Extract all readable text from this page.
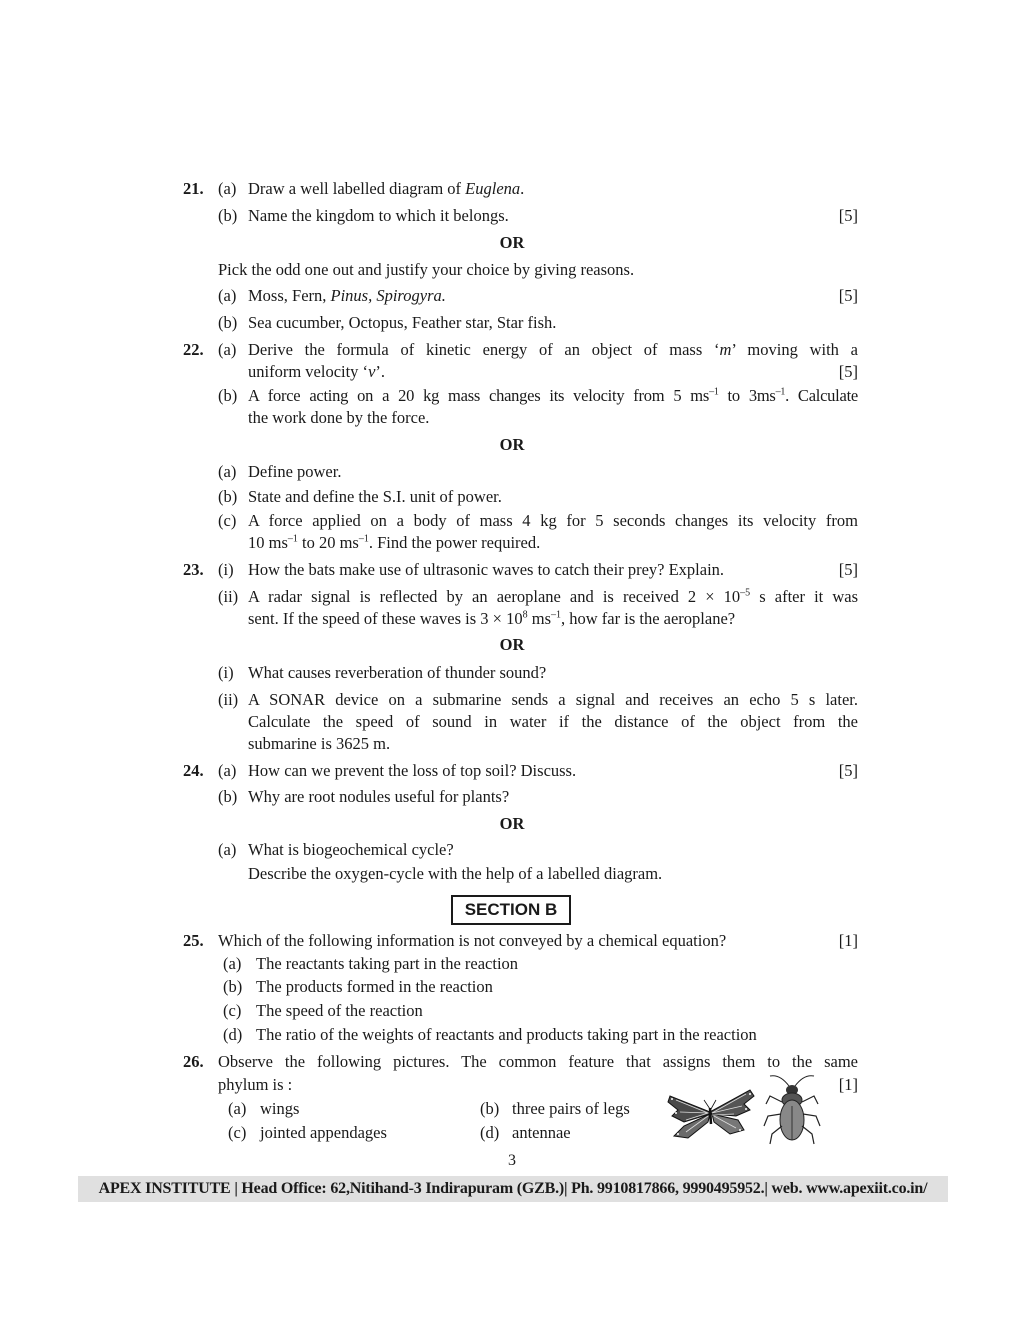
21. (a) Draw a well labelled diagram of Euglena.
(b) Name the kingdom to which it belongs.	[5]
OR
Pick the odd one out and justify your choice by giving reasons.
(a) Moss, Fern, Pinus, Spirogyra.	[5]
(b) Sea cucumber, Octopus, Feather star, Star fish.
22. (a) Derive the formula of kinetic energy of an object of mass ‘m’ moving with a
uniform velocity ‘v’.	[5]
(b) A force acting on a 20 kg mass changes its velocity from 5 $ms^{-1}$ to $3ms^{-1}$. Calculate
the work done by the force.
OR
(a) Define power.
(b) State and define the S.I. unit of power.
(c) A force applied on a body of mass 4 kg for 5 seconds changes its velocity from
10 $ms^{-1}$ to 20 $ms^{-1}$. Find the power required.
23. (i) How the bats make use of ultrasonic waves to catch their prey? Explain.	[5]
(ii) A radar signal is reflected by an aeroplane and is received $2 \times 10^{-5}$ s after it was
sent. If the speed of these waves is $3 \times 10^8$ $ms^{-1}$, how far is the aeroplane?
OR
(i) What causes reverberation of thunder sound?
(ii) A SONAR device on a submarine sends a signal and receives an echo 5 s later.
Calculate the speed of sound in water if the distance of the object from the
submarine is 3625 m.
24. (a) How can we prevent the loss of top soil? Discuss.	[5]
(b) Why are root nodules useful for plants?
OR
(a) What is biogeochemical cycle?
Describe the oxygen-cycle with the help of a labelled diagram.
SECTION B
25. Which of the following information is not conveyed by a chemical equation?	[1]
(a) The reactants taking part in the reaction
(b) The products formed in the reaction
(c) The speed of the reaction
(d) The ratio of the weights of reactants and products taking part in the reaction
26. Observe the following pictures. The common feature that assigns them to the same
phylum is :	[1]
(a) wings	(b) three pairs of legs
(c) jointed appendages	(d) antennae
3
APEX INSTITUTE | Head Office: 62,Nitihand-3 Indirapuram (GZB.)| Ph. 9910817866, 9990495952.| web. www.apexiit.co.in/
